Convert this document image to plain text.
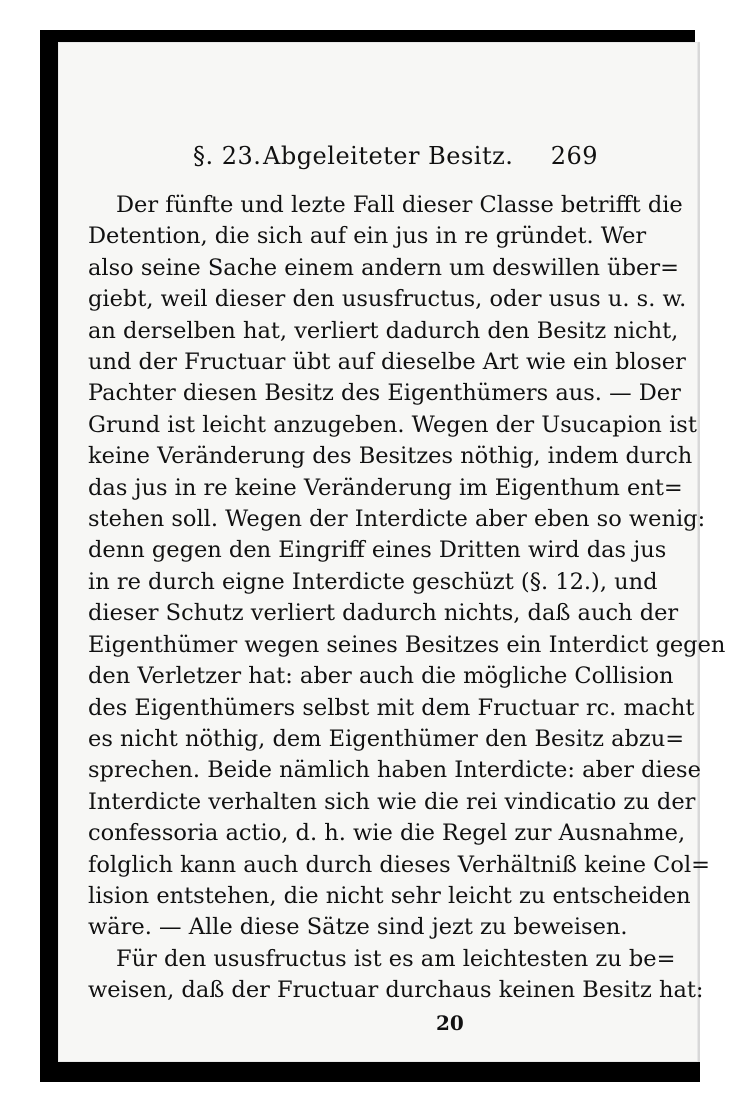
§. 23. Abgeleiteter Besitz. 269
Der fünfte und lezte Fall dieser Classe betrifft die
Detention, die sich auf ein jus in re gründet. Wer
also seine Sache einem andern um deswillen über=
giebt, weil dieser den ususfructus, oder usus u. s. w.
an derselben hat, verliert dadurch den Besitz nicht,
und der Fructuar übt auf dieselbe Art wie ein bloser
Pachter diesen Besitz des Eigenthümers aus. — Der
Grund ist leicht anzugeben. Wegen der Usucapion ist
keine Veränderung des Besitzes nöthig, indem durch
das jus in re keine Veränderung im Eigenthum ent=
stehen soll. Wegen der Interdicte aber eben so wenig:
denn gegen den Eingriff eines Dritten wird das jus
in re durch eigne Interdicte geschüzt (§. 12.), und
dieser Schutz verliert dadurch nichts, daß auch der
Eigenthümer wegen seines Besitzes ein Interdict gegen
den Verletzer hat: aber auch die mögliche Collision
des Eigenthümers selbst mit dem Fructuar rc. macht
es nicht nöthig, dem Eigenthümer den Besitz abzu=
sprechen. Beide nämlich haben Interdicte: aber diese
Interdicte verhalten sich wie die rei vindicatio zu der
confessoria actio, d. h. wie die Regel zur Ausnahme,
folglich kann auch durch dieses Verhältniß keine Col=
lision entstehen, die nicht sehr leicht zu entscheiden
wäre. — Alle diese Sätze sind jezt zu beweisen.
Für den ususfructus ist es am leichtesten zu be=
weisen, daß der Fructuar durchaus keinen Besitz hat:
20
